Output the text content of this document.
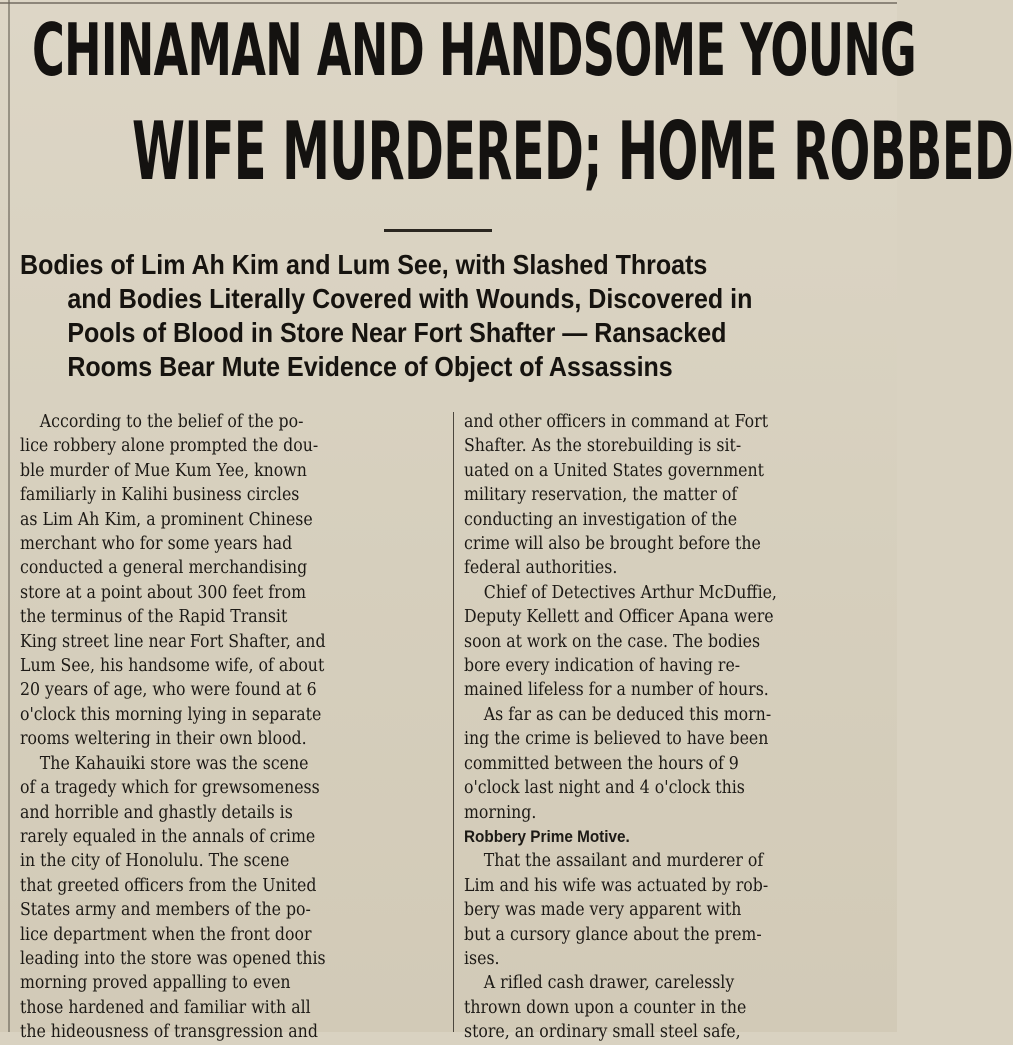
CHINAMAN AND HANDSOME YOUNG
WIFE MURDERED; HOME ROBBED
Bodies of Lim Ah Kim and Lum See, with Slashed Throats
and Bodies Literally Covered with Wounds, Discovered in
Pools of Blood in Store Near Fort Shafter — Ransacked
Rooms Bear Mute Evidence of Object of Assassins
According to the belief of the po-
lice robbery alone prompted the dou-
ble murder of Mue Kum Yee, known
familiarly in Kalihi business circles
as Lim Ah Kim, a prominent Chinese
merchant who for some years had
conducted a general merchandising
store at a point about 300 feet from
the terminus of the Rapid Transit
King street line near Fort Shafter, and
Lum See, his handsome wife, of about
20 years of age, who were found at 6
o'clock this morning lying in separate
rooms weltering in their own blood.
The Kahauiki store was the scene
of a tragedy which for grewsomeness
and horrible and ghastly details is
rarely equaled in the annals of crime
in the city of Honolulu. The scene
that greeted officers from the United
States army and members of the po-
lice department when the front door
leading into the store was opened this
morning proved appalling to even
those hardened and familiar with all
the hideousness of transgression and
and other officers in command at Fort
Shafter. As the storebuilding is sit-
uated on a United States government
military reservation, the matter of
conducting an investigation of the
crime will also be brought before the
federal authorities.
Chief of Detectives Arthur McDuffie,
Deputy Kellett and Officer Apana were
soon at work on the case. The bodies
bore every indication of having re-
mained lifeless for a number of hours.
As far as can be deduced this morn-
ing the crime is believed to have been
committed between the hours of 9
o'clock last night and 4 o'clock this
morning.
Robbery Prime Motive.
That the assailant and murderer of
Lim and his wife was actuated by rob-
bery was made very apparent with
but a cursory glance about the prem-
ises.
A rifled cash drawer, carelessly
thrown down upon a counter in the
store, an ordinary small steel safe,
